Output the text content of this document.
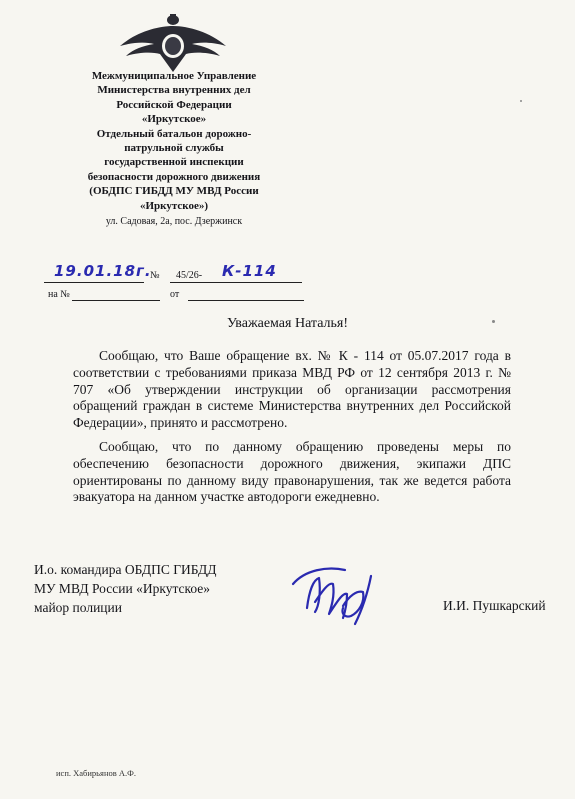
Межмуниципальное Управление
Министерства внутренних дел
Российской Федерации
«Иркутское»
Отдельный батальон дорожно-
патрульной службы
государственной инспекции
безопасности дорожного движения
(ОБДПС ГИБДД МУ МВД России
«Иркутское»)
ул. Садовая, 2а, пос. Дзержинск
19.01.18г.
№ 45/26- К-114
на №	от
Уважаемая Наталья!

Сообщаю, что Ваше обращение вх. № К - 114 от 05.07.2017 года в соответствии с требованиями приказа МВД РФ от 12 сентября 2013 г. № 707 «Об утверждении инструкции об организации рассмотрения обращений граждан в системе Министерства внутренних дел Российской Федерации», принято и рассмотрено.

Сообщаю, что по данному обращению проведены меры по обеспечению безопасности дорожного движения, экипажи ДПС ориентированы по данному виду правонарушения, так же ведется работа эвакуатора на данном участке автодороги ежедневно.

И.о. командира ОБДПС ГИБДД
МУ МВД России «Иркутское»
майор полиции	И.И. Пушкарский
исп. Хабирьянов А.Ф.
